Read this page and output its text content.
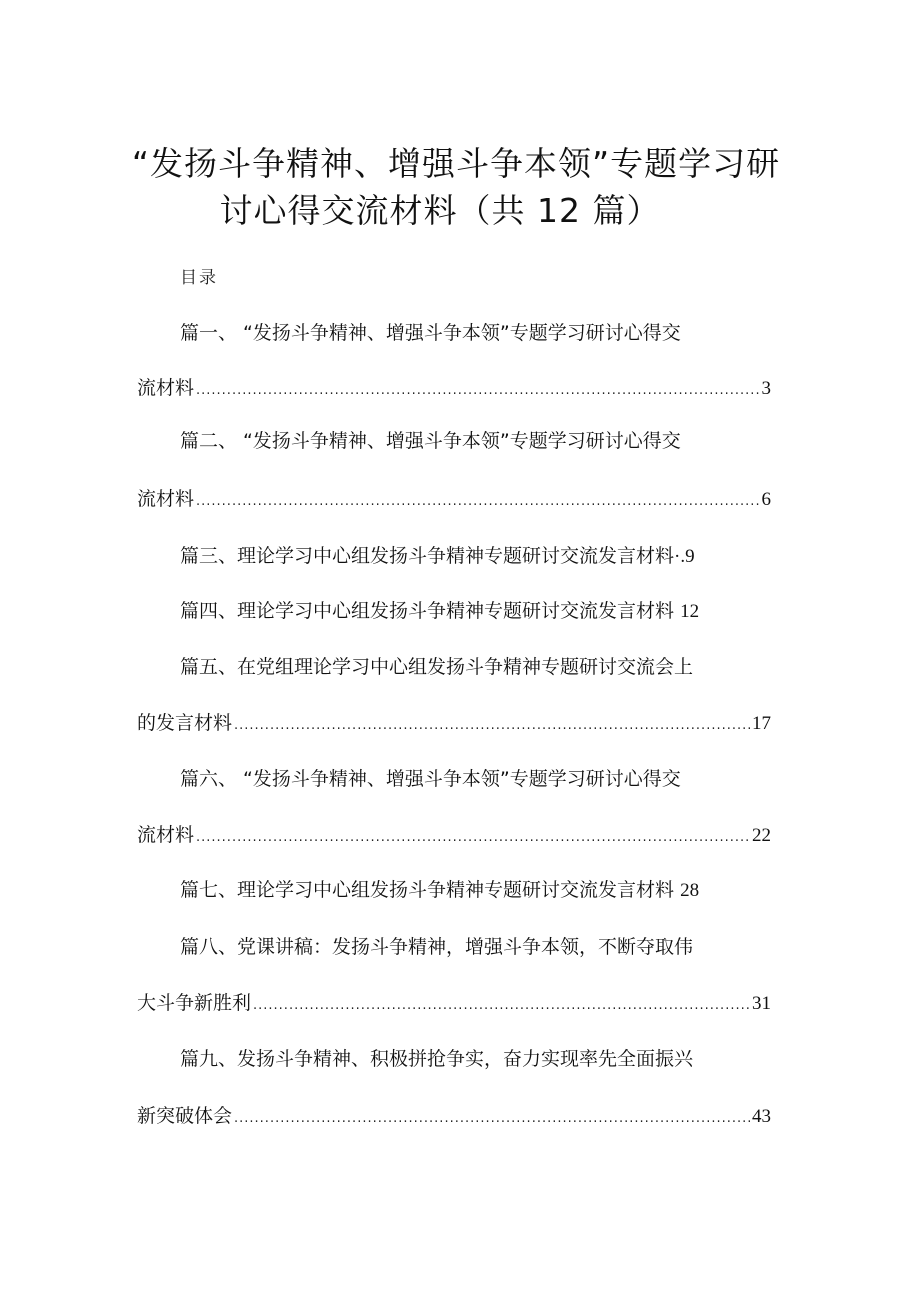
“发扬斗争精神、增强斗争本领”专题学习研
讨心得交流材料（共 12 篇）
目录
篇一、 “发扬斗争精神、增强斗争本领”专题学习研讨心得交
流材料 .....	3
篇二、 “发扬斗争精神、增强斗争本领”专题学习研讨心得交
流材料 .....	6
篇三、理论学习中心组发扬斗争精神专题研讨交流发言材料·.9
篇四、理论学习中心组发扬斗争精神专题研讨交流发言材料 12
篇五、在党组理论学习中心组发扬斗争精神专题研讨交流会上
的发言材料 .....	17
篇六、 “发扬斗争精神、增强斗争本领”专题学习研讨心得交
流材料 .....	22
篇七、理论学习中心组发扬斗争精神专题研讨交流发言材料 28
篇八、党课讲稿：发扬斗争精神，增强斗争本领，不断夺取伟
大斗争新胜利 .....	31
篇九、发扬斗争精神、积极拼抢争实，奋力实现率先全面振兴
新突破体会 .....	43
